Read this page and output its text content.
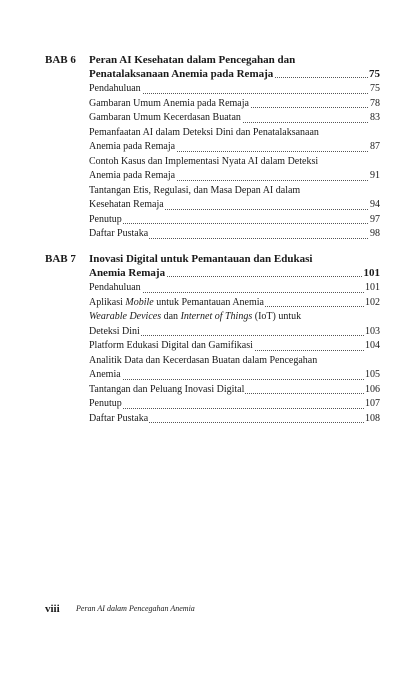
BAB 6 Peran AI Kesehatan dalam Pencegahan dan
Penatalaksanaan Anemia pada Remaja	75
Pendahuluan	75
Gambaran Umum Anemia pada Remaja	78
Gambaran Umum Kecerdasan Buatan	83
Pemanfaatan AI dalam Deteksi Dini dan Penatalaksanaan
Anemia pada Remaja	87
Contoh Kasus dan Implementasi Nyata AI dalam Deteksi
Anemia pada Remaja	91
Tantangan Etis, Regulasi, dan Masa Depan AI dalam
Kesehatan Remaja	94
Penutup	97
Daftar Pustaka	98
BAB 7 Inovasi Digital untuk Pemantauan dan Edukasi
Anemia Remaja	101
Pendahuluan	101
Aplikasi Mobile untuk Pemantauan Anemia	102
Wearable Devices dan Internet of Things (IoT) untuk
Deteksi Dini	103
Platform Edukasi Digital dan Gamifikasi	104
Analitik Data dan Kecerdasan Buatan dalam Pencegahan
Anemia	105
Tantangan dan Peluang Inovasi Digital	106
Penutup	107
Daftar Pustaka	108
viii Peran AI dalam Pencegahan Anemia
